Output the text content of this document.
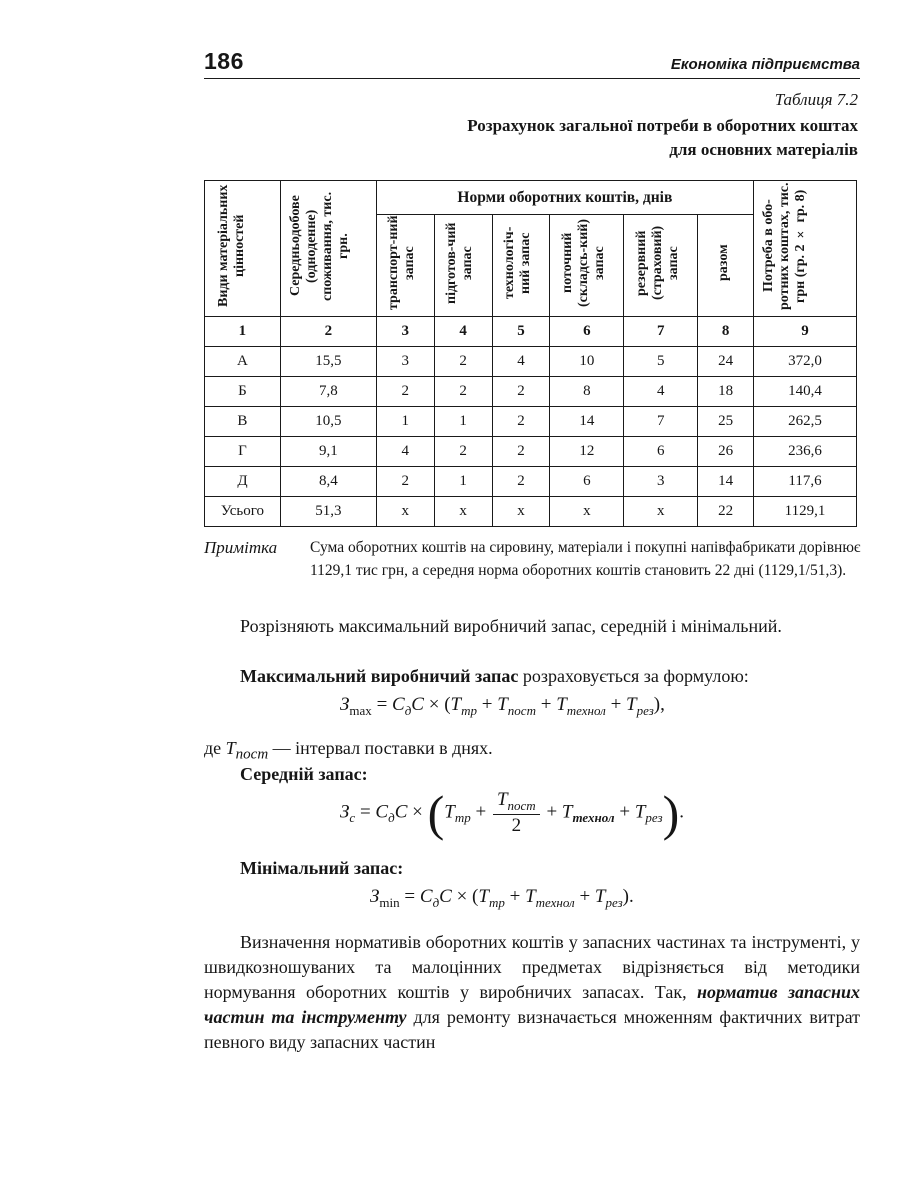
186	Економіка підприємства
Таблиця 7.2
Розрахунок загальної потреби в оборотних коштах
для основних матеріалів
Види матеріальних цінностей	Середньодобове (одноденне) споживання, тис. грн.	Норми оборотних коштів, днів						Потреба в обо-ротних коштах, тис. грн (гр. 2 × гр. 8)
		транспорт-ний запас	підготов-чий запас	технологіч-ний запас	поточний (складсь-кий) запас	резервний (страховий) запас	разом	
1	2	3	4	5	6	7	8	9
А	15,5	3	2	4	10	5	24	372,0
Б	7,8	2	2	2	8	4	18	140,4
В	10,5	1	1	2	14	7	25	262,5
Г	9,1	4	2	2	12	6	26	236,6
Д	8,4	2	1	2	6	3	14	117,6
Усього	51,3	x	x	x	x	x	22	1129,1
Примітка	Сума оборотних коштів на сировину, матеріали і покупні напівфабрикати дорівнює 1129,1 тис грн, а середня норма оборотних коштів становить 22 дні (1129,1/51,3).
Розрізняють максимальний виробничий запас, середній і мінімальний.
Максимальний виробничий запас розраховується за формулою:
$З_{max} = C_дC \times (T_{тр} + T_{пост} + T_{технол} + T_{рез})$,
де $T_{пост}$ — інтервал поставки в днях.
Середній запас:
$З_c = C_дC \times (T_{тр} + \frac{T_{пост}}{2} + T_{технол} + T_{рез})$.
Мінімальний запас:
$З_{min} = C_дC \times (T_{тр} + T_{технол} + T_{рез})$.
Визначення нормативів оборотних коштів у запасних частинах та інструменті, у швидкозношуваних та малоцінних предметах відрізняється від методики нормування оборотних коштів у виробничих запасах. Так, норматив запасних частин та інструменту для ремонту визначається множенням фактичних витрат певного виду запасних частин
